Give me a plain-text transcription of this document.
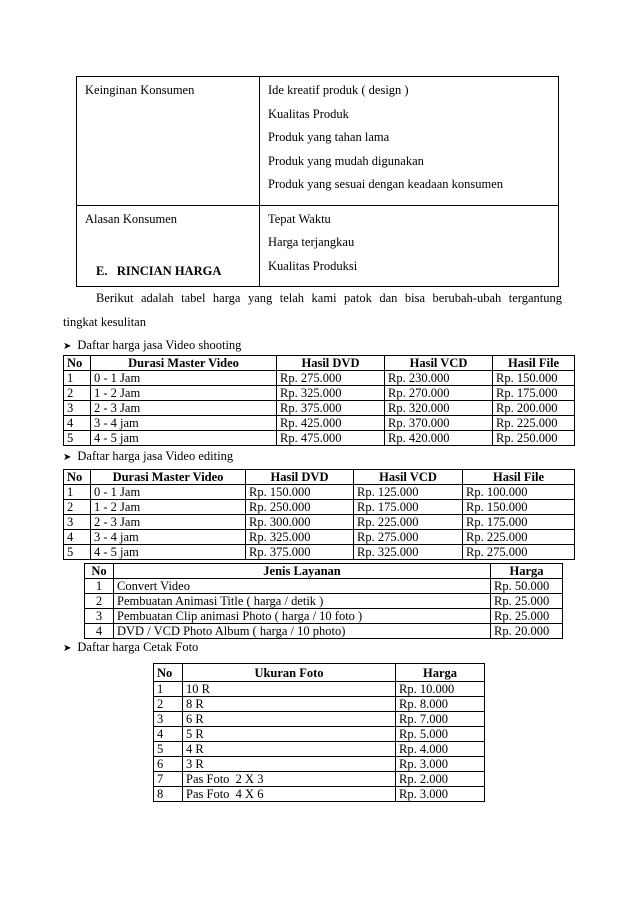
Keinginan Konsumen	Ide kreatif produk ( design )
Kualitas Produk
Produk yang tahan lama
Produk yang mudah digunakan
Produk yang sesuai dengan keadaan konsumen

Alasan Konsumen	Tepat Waktu
Harga terjangkau
Kualitas Produksi
E.   RINCIAN HARGA
Berikut adalah tabel harga yang telah kami patok dan bisa berubah-ubah tergantung
tingkat kesulitan
➤ Daftar harga jasa Video shooting
No	Durasi Master Video	Hasil DVD	Hasil VCD	Hasil File
1	0 - 1 Jam	Rp. 275.000	Rp. 230.000	Rp. 150.000
2	1 - 2 Jam	Rp. 325.000	Rp. 270.000	Rp. 175.000
3	2 - 3 Jam	Rp. 375.000	Rp. 320.000	Rp. 200.000
4	3 - 4 jam	Rp. 425.000	Rp. 370.000	Rp. 225.000
5	4 - 5 jam	Rp. 475.000	Rp. 420.000	Rp. 250.000
➤ Daftar harga jasa Video editing
No	Durasi Master Video	Hasil DVD	Hasil VCD	Hasil File
1	0 - 1 Jam	Rp. 150.000	Rp. 125.000	Rp. 100.000
2	1 - 2 Jam	Rp. 250.000	Rp. 175.000	Rp. 150.000
3	2 - 3 Jam	Rp. 300.000	Rp. 225.000	Rp. 175.000
4	3 - 4 jam	Rp. 325.000	Rp. 275.000	Rp. 225.000
5	4 - 5 jam	Rp. 375.000	Rp. 325.000	Rp. 275.000
No	Jenis Layanan	Harga
1	Convert Video	Rp. 50.000
2	Pembuatan Animasi Title ( harga / detik )	Rp. 25.000
3	Pembuatan Clip animasi Photo ( harga / 10 foto )	Rp. 25.000
4	DVD / VCD Photo Album ( harga / 10 photo)	Rp. 20.000
➤ Daftar harga Cetak Foto
No	Ukuran Foto	Harga
1	10 R	Rp. 10.000
2	8 R	Rp. 8.000
3	6 R	Rp. 7.000
4	5 R	Rp. 5.000
5	4 R	Rp. 4.000
6	3 R	Rp. 3.000
7	Pas Foto  2 X 3	Rp. 2.000
8	Pas Foto  4 X 6	Rp. 3.000
